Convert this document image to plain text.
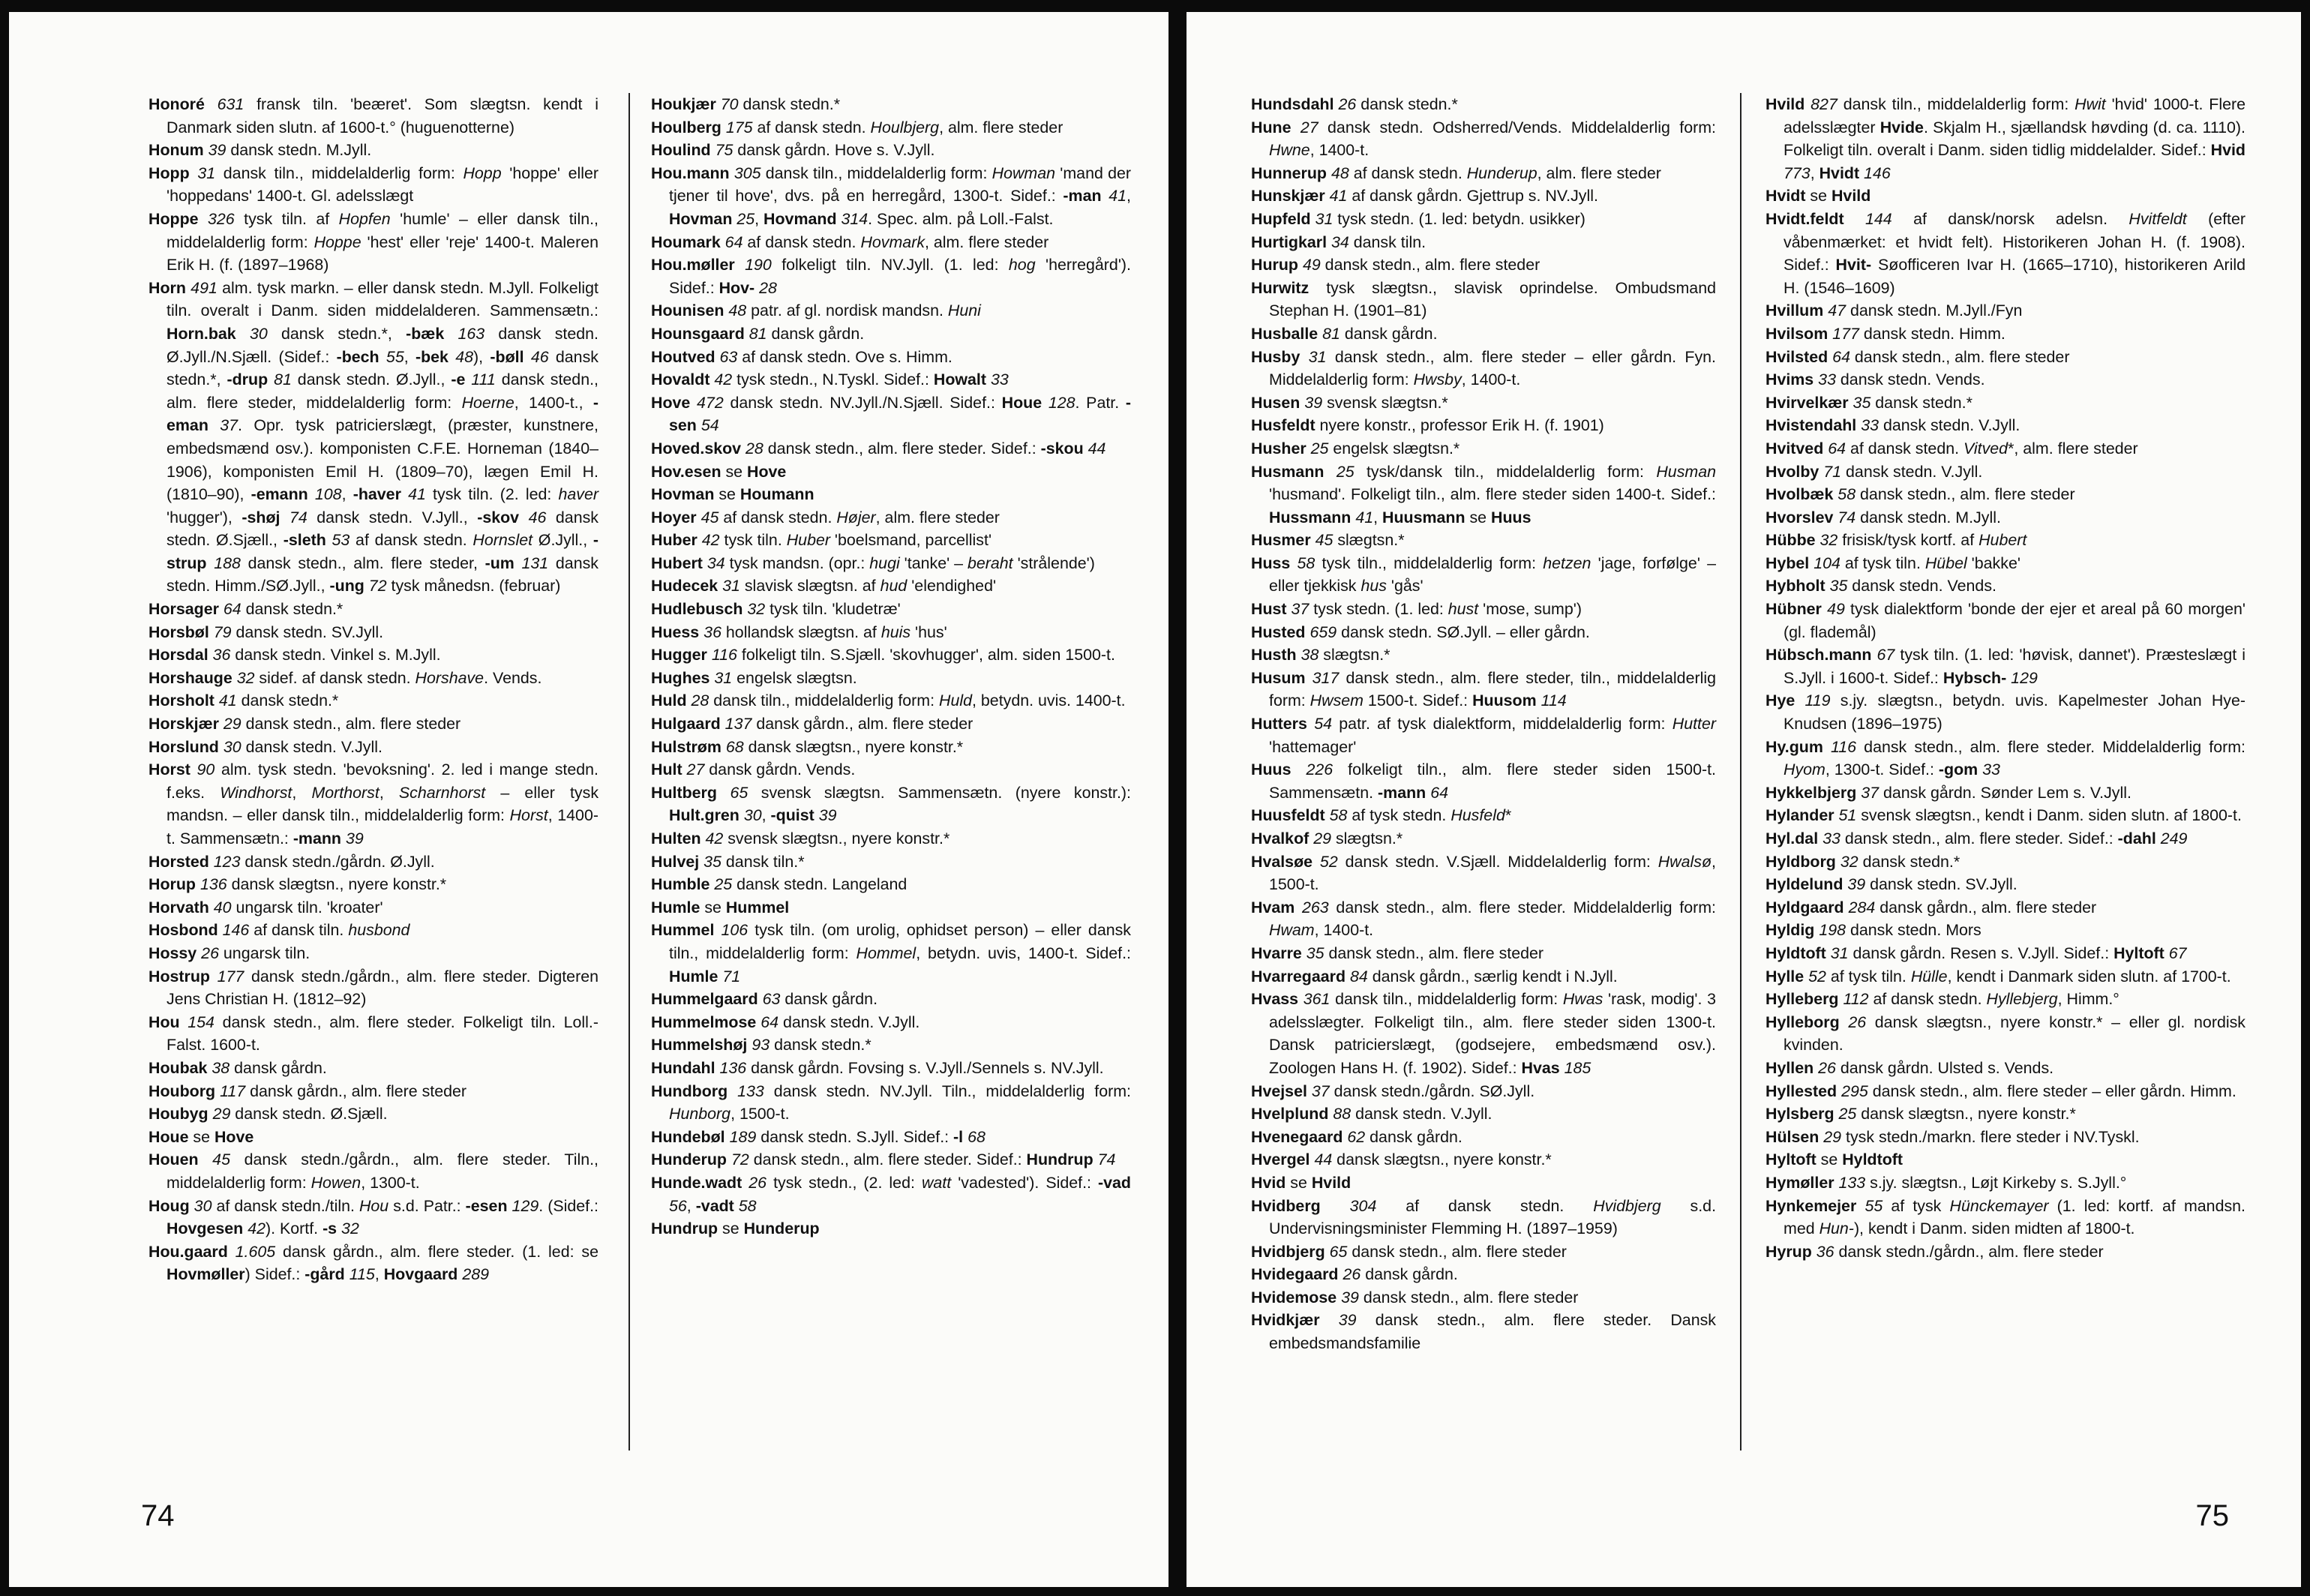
Honoré 631 fransk tiln. 'beæret'. Som slægtsn. kendt i Danmark siden slutn. af 1600-t.° (huguenotterne)
Honum 39 dansk stedn. M.Jyll.
Hopp 31 dansk tiln., middelalderlig form: Hopp 'hoppe' eller 'hoppedans' 1400-t. Gl. adelsslægt
Hoppe 326 tysk tiln. af Hopfen 'humle' – eller dansk tiln., middelalderlig form: Hoppe 'hest' eller 'reje' 1400-t. Maleren Erik H. (f. (1897–1968)
Horn 491 alm. tysk markn. – eller dansk stedn. M.Jyll. Folkeligt tiln. overalt i Danm. siden middelalderen. Sammensætn.: Horn.bak 30 dansk stedn.*, -bæk 163 dansk stedn. Ø.Jyll./N.Sjæll. (Sidef.: -bech 55, -bek 48), -bøll 46 dansk stedn.*, -drup 81 dansk stedn. Ø.Jyll., -e 111 dansk stedn., alm. flere steder, middelalderlig form: Hoerne, 1400-t., -eman 37. Opr. tysk patricierslægt, (præster, kunstnere, embedsmænd osv.). komponisten C.F.E. Horneman (1840–1906), komponisten Emil H. (1809–70), lægen Emil H. (1810–90), -emann 108, -haver 41 tysk tiln. (2. led: haver 'hugger'), -shøj 74 dansk stedn. V.Jyll., -skov 46 dansk stedn. Ø.Sjæll., -sleth 53 af dansk stedn. Hornslet Ø.Jyll., -strup 188 dansk stedn., alm. flere steder, -um 131 dansk stedn. Himm./SØ.Jyll., -ung 72 tysk månedsn. (februar)
Horsager 64 dansk stedn.*
Horsbøl 79 dansk stedn. SV.Jyll.
Horsdal 36 dansk stedn. Vinkel s. M.Jyll.
Horshauge 32 sidef. af dansk stedn. Horshave. Vends.
Horsholt 41 dansk stedn.*
Horskjær 29 dansk stedn., alm. flere steder
Horslund 30 dansk stedn. V.Jyll.
Horst 90 alm. tysk stedn. 'bevoksning'. 2. led i mange stedn. f.eks. Windhorst, Morthorst, Scharnhorst – eller tysk mandsn. – eller dansk tiln., middelalderlig form: Horst, 1400-t. Sammensætn.: -mann 39
Horsted 123 dansk stedn./gårdn. Ø.Jyll.
Horup 136 dansk slægtsn., nyere konstr.*
Horvath 40 ungarsk tiln. 'kroater'
Hosbond 146 af dansk tiln. husbond
Hossy 26 ungarsk tiln.
Hostrup 177 dansk stedn./gårdn., alm. flere steder. Digteren Jens Christian H. (1812–92)
Hou 154 dansk stedn., alm. flere steder. Folkeligt tiln. Loll.-Falst. 1600-t.
Houbak 38 dansk gårdn.
Houborg 117 dansk gårdn., alm. flere steder
Houbyg 29 dansk stedn. Ø.Sjæll.
Houe se Hove
Houen 45 dansk stedn./gårdn., alm. flere steder. Tiln., middelalderlig form: Howen, 1300-t.
Houg 30 af dansk stedn./tiln. Hou s.d. Patr.: -esen 129. (Sidef.: Hovgesen 42). Kortf. -s 32
Hou.gaard 1.605 dansk gårdn., alm. flere steder. (1. led: se Hovmøller) Sidef.: -gård 115, Hovgaard 289
Houkjær 70 dansk stedn.*
Houlberg 175 af dansk stedn. Houlbjerg, alm. flere steder
Houlind 75 dansk gårdn. Hove s. V.Jyll.
Hou.mann 305 dansk tiln., middelalderlig form: Howman 'mand der tjener til hove', dvs. på en herregård, 1300-t. Sidef.: -man 41, Hovman 25, Hovmand 314. Spec. alm. på Loll.-Falst.
Houmark 64 af dansk stedn. Hovmark, alm. flere steder
Hou.møller 190 folkeligt tiln. NV.Jyll. (1. led: hog 'herregård'). Sidef.: Hov- 28
Hounisen 48 patr. af gl. nordisk mandsn. Huni
Hounsgaard 81 dansk gårdn.
Houtved 63 af dansk stedn. Ove s. Himm.
Hovaldt 42 tysk stedn., N.Tyskl. Sidef.: Howalt 33
Hove 472 dansk stedn. NV.Jyll./N.Sjæll. Sidef.: Houe 128. Patr. -sen 54
Hoved.skov 28 dansk stedn., alm. flere steder. Sidef.: -skou 44
Hov.esen se Hove
Hovman se Houmann
Hoyer 45 af dansk stedn. Højer, alm. flere steder
Huber 42 tysk tiln. Huber 'boelsmand, parcellist'
Hubert 34 tysk mandsn. (opr.: hugi 'tanke' – beraht 'strålende')
Hudecek 31 slavisk slægtsn. af hud 'elendighed'
Hudlebusch 32 tysk tiln. 'kludetræ'
Huess 36 hollandsk slægtsn. af huis 'hus'
Hugger 116 folkeligt tiln. S.Sjæll. 'skovhugger', alm. siden 1500-t.
Hughes 31 engelsk slægtsn.
Huld 28 dansk tiln., middelalderlig form: Huld, betydn. uvis. 1400-t.
Hulgaard 137 dansk gårdn., alm. flere steder
Hulstrøm 68 dansk slægtsn., nyere konstr.*
Hult 27 dansk gårdn. Vends.
Hultberg 65 svensk slægtsn. Sammensætn. (nyere konstr.): Hult.gren 30, -quist 39
Hulten 42 svensk slægtsn., nyere konstr.*
Hulvej 35 dansk tiln.*
Humble 25 dansk stedn. Langeland
Humle se Hummel
Hummel 106 tysk tiln. (om urolig, ophidset person) – eller dansk tiln., middelalderlig form: Hommel, betydn. uvis, 1400-t. Sidef.: Humle 71
Hummelgaard 63 dansk gårdn.
Hummelmose 64 dansk stedn. V.Jyll.
Hummelshøj 93 dansk stedn.*
Hundahl 136 dansk gårdn. Fovsing s. V.Jyll./Sennels s. NV.Jyll.
Hundborg 133 dansk stedn. NV.Jyll. Tiln., middelalderlig form: Hunborg, 1500-t.
Hundebøl 189 dansk stedn. S.Jyll. Sidef.: -l 68
Hunderup 72 dansk stedn., alm. flere steder. Sidef.: Hundrup 74
Hunde.wadt 26 tysk stedn., (2. led: watt 'vadested'). Sidef.: -vad 56, -vadt 58
Hundrup se Hunderup
74
Hundsdahl 26 dansk stedn.*
Hune 27 dansk stedn. Odsherred/Vends. Middelalderlig form: Hwne, 1400-t.
Hunnerup 48 af dansk stedn. Hunderup, alm. flere steder
Hunskjær 41 af dansk gårdn. Gjettrup s. NV.Jyll.
Hupfeld 31 tysk stedn. (1. led: betydn. usikker)
Hurtigkarl 34 dansk tiln.
Hurup 49 dansk stedn., alm. flere steder
Hurwitz tysk slægtsn., slavisk oprindelse. Ombudsmand Stephan H. (1901–81)
Husballe 81 dansk gårdn.
Husby 31 dansk stedn., alm. flere steder – eller gårdn. Fyn. Middelalderlig form: Hwsby, 1400-t.
Husen 39 svensk slægtsn.*
Husfeldt nyere konstr., professor Erik H. (f. 1901)
Husher 25 engelsk slægtsn.*
Husmann 25 tysk/dansk tiln., middelalderlig form: Husman 'husmand'. Folkeligt tiln., alm. flere steder siden 1400-t. Sidef.: Hussmann 41, Huusmann se Huus
Husmer 45 slægtsn.*
Huss 58 tysk tiln., middelalderlig form: hetzen 'jage, forfølge' – eller tjekkisk hus 'gås'
Hust 37 tysk stedn. (1. led: hust 'mose, sump')
Husted 659 dansk stedn. SØ.Jyll. – eller gårdn.
Husth 38 slægtsn.*
Husum 317 dansk stedn., alm. flere steder, tiln., middelalderlig form: Hwsem 1500-t. Sidef.: Huusom 114
Hutters 54 patr. af tysk dialektform, middelalderlig form: Hutter 'hattemager'
Huus 226 folkeligt tiln., alm. flere steder siden 1500-t. Sammensætn. -mann 64
Huusfeldt 58 af tysk stedn. Husfeld*
Hvalkof 29 slægtsn.*
Hvalsøe 52 dansk stedn. V.Sjæll. Middelalderlig form: Hwalsø, 1500-t.
Hvam 263 dansk stedn., alm. flere steder. Middelalderlig form: Hwam, 1400-t.
Hvarre 35 dansk stedn., alm. flere steder
Hvarregaard 84 dansk gårdn., særlig kendt i N.Jyll.
Hvass 361 dansk tiln., middelalderlig form: Hwas 'rask, modig'. 3 adelsslægter. Folkeligt tiln., alm. flere steder siden 1300-t. Dansk patricierslægt, (godsejere, embedsmænd osv.). Zoologen Hans H. (f. 1902). Sidef.: Hvas 185
Hvejsel 37 dansk stedn./gårdn. SØ.Jyll.
Hvelplund 88 dansk stedn. V.Jyll.
Hvenegaard 62 dansk gårdn.
Hvergel 44 dansk slægtsn., nyere konstr.*
Hvid se Hvild
Hvidberg 304 af dansk stedn. Hvidbjerg s.d. Undervisningsminister Flemming H. (1897–1959)
Hvidbjerg 65 dansk stedn., alm. flere steder
Hvidegaard 26 dansk gårdn.
Hvidemose 39 dansk stedn., alm. flere steder
Hvidkjær 39 dansk stedn., alm. flere steder. Dansk embedsmandsfamilie
Hvild 827 dansk tiln., middelalderlig form: Hwit 'hvid' 1000-t. Flere adelsslægter Hvide. Skjalm H., sjællandsk høvding (d. ca. 1110). Folkeligt tiln. overalt i Danm. siden tidlig middelalder. Sidef.: Hvid 773, Hvidt 146
Hvidt se Hvild
Hvidt.feldt 144 af dansk/norsk adelsn. Hvitfeldt (efter våbenmærket: et hvidt felt). Historikeren Johan H. (f. 1908). Sidef.: Hvit- Søofficeren Ivar H. (1665–1710), historikeren Arild H. (1546–1609)
Hvillum 47 dansk stedn. M.Jyll./Fyn
Hvilsom 177 dansk stedn. Himm.
Hvilsted 64 dansk stedn., alm. flere steder
Hvims 33 dansk stedn. Vends.
Hvirvelkær 35 dansk stedn.*
Hvistendahl 33 dansk stedn. V.Jyll.
Hvitved 64 af dansk stedn. Vitved*, alm. flere steder
Hvolby 71 dansk stedn. V.Jyll.
Hvolbæk 58 dansk stedn., alm. flere steder
Hvorslev 74 dansk stedn. M.Jyll.
Hübbe 32 frisisk/tysk kortf. af Hubert
Hybel 104 af tysk tiln. Hübel 'bakke'
Hybholt 35 dansk stedn. Vends.
Hübner 49 tysk dialektform 'bonde der ejer et areal på 60 morgen' (gl. flademål)
Hübsch.mann 67 tysk tiln. (1. led: 'høvisk, dannet'). Præsteslægt i S.Jyll. i 1600-t. Sidef.: Hybsch- 129
Hye 119 s.jy. slægtsn., betydn. uvis. Kapelmester Johan Hye-Knudsen (1896–1975)
Hy.gum 116 dansk stedn., alm. flere steder. Middelalderlig form: Hyom, 1300-t. Sidef.: -gom 33
Hykkelbjerg 37 dansk gårdn. Sønder Lem s. V.Jyll.
Hylander 51 svensk slægtsn., kendt i Danm. siden slutn. af 1800-t.
Hyl.dal 33 dansk stedn., alm. flere steder. Sidef.: -dahl 249
Hyldborg 32 dansk stedn.*
Hyldelund 39 dansk stedn. SV.Jyll.
Hyldgaard 284 dansk gårdn., alm. flere steder
Hyldig 198 dansk stedn. Mors
Hyldtoft 31 dansk gårdn. Resen s. V.Jyll. Sidef.: Hyltoft 67
Hylle 52 af tysk tiln. Hülle, kendt i Danmark siden slutn. af 1700-t.
Hylleberg 112 af dansk stedn. Hyllebjerg, Himm.°
Hylleborg 26 dansk slægtsn., nyere konstr.* – eller gl. nordisk kvinden.
Hyllen 26 dansk gårdn. Ulsted s. Vends.
Hyllested 295 dansk stedn., alm. flere steder – eller gårdn. Himm.
Hylsberg 25 dansk slægtsn., nyere konstr.*
Hülsen 29 tysk stedn./markn. flere steder i NV.Tyskl.
Hyltoft se Hyldtoft
Hymøller 133 s.jy. slægtsn., Løjt Kirkeby s. S.Jyll.°
Hynkemejer 55 af tysk Hünckemayer (1. led: kortf. af mandsn. med Hun-), kendt i Danm. siden midten af 1800-t.
Hyrup 36 dansk stedn./gårdn., alm. flere steder
75
